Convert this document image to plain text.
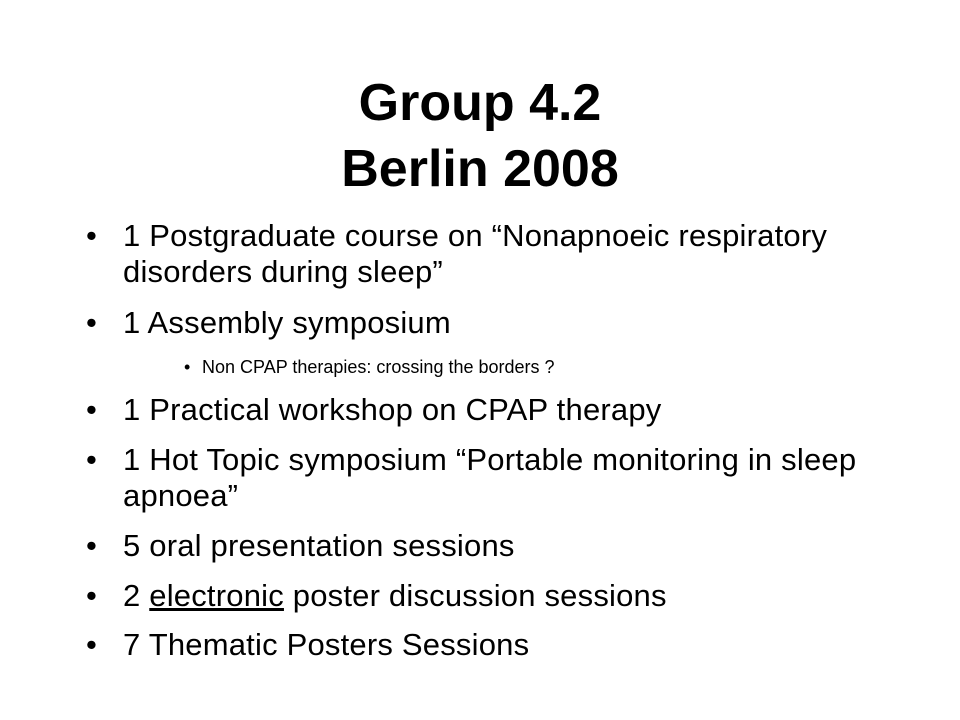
Group 4.2
Berlin 2008
• 1 Postgraduate course on “Nonapnoeic respiratory disorders during sleep”
• 1 Assembly symposium
• Non CPAP therapies: crossing the borders ?
• 1 Practical workshop on CPAP therapy
• 1 Hot Topic symposium “Portable monitoring in sleep apnoea”
• 5 oral presentation sessions
• 2 electronic poster discussion sessions
• 7 Thematic Posters Sessions
